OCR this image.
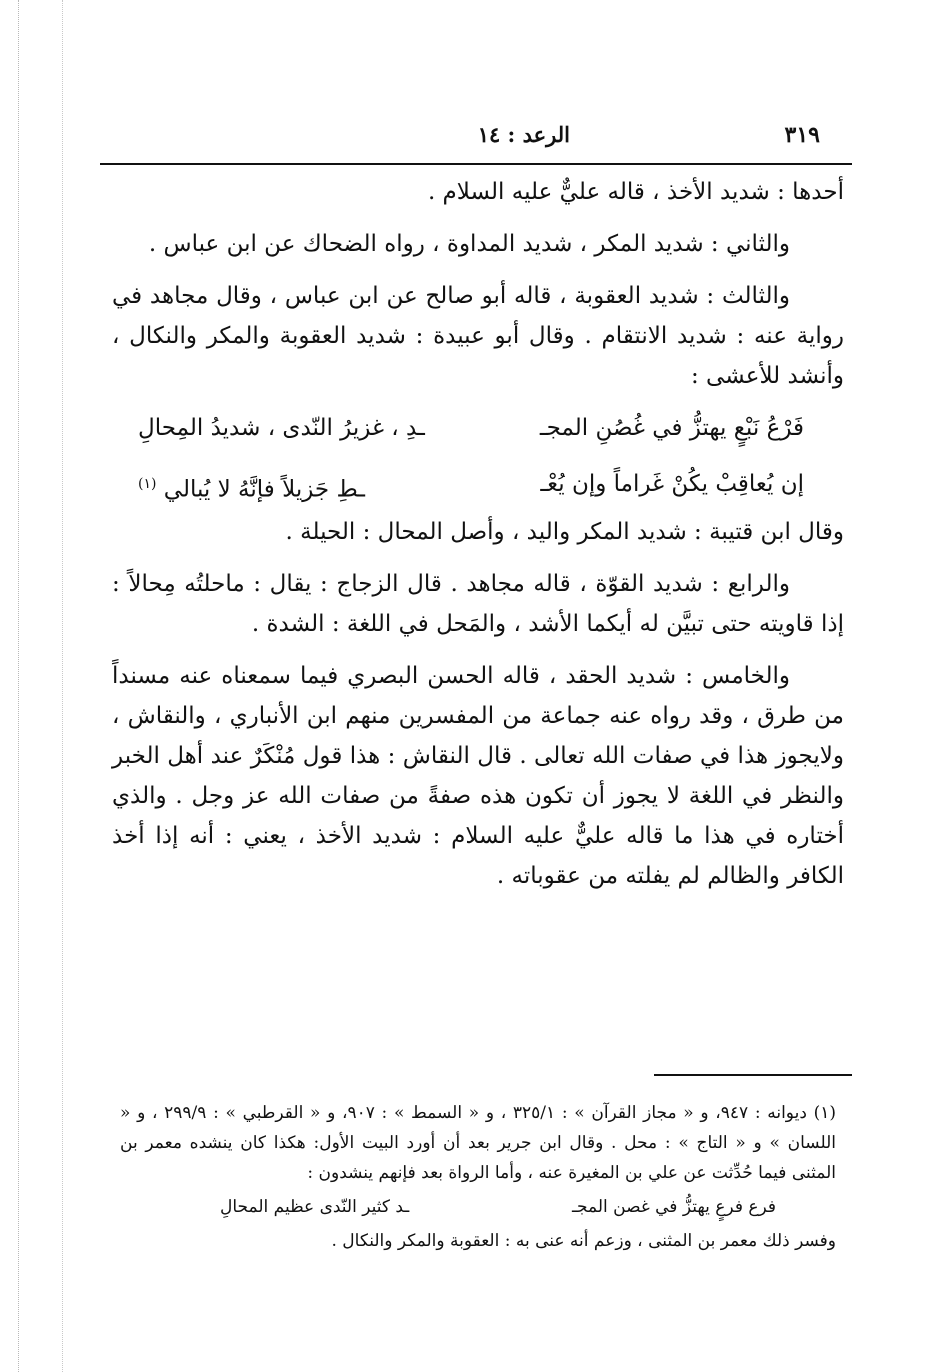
٣١٩
الرعد : ١٤

أحدها : شديد الأخذ ، قاله عليٌّ عليه السلام .

والثاني : شديد المكر ، شديد المداوة ، رواه الضحاك عن ابن عباس .

والثالث : شديد العقوبة ، قاله أبو صالح عن ابن عباس ، وقال مجاهد في رواية عنه : شديد الانتقام . وقال أبو عبيدة : شديد العقوبة والمكر والنكال ، وأنشد للأعشى :

فَرْعُ نَبْعٍ يهتزُّ في غُصُنِ المجـ
ـدِ ، غزيرُ النّدى ، شديدُ المِحالِ
إن يُعاقِبْ يكُنْ غَراماً وإن يُعْـ
ـطِ جَزيلاً فإنَّهُ لا يُبالي $^{(١)}$

وقال ابن قتيبة : شديد المكر واليد ، وأصل المحال : الحيلة .

والرابع : شديد القوّة ، قاله مجاهد . قال الزجاج : يقال : ماحلتُه مِحالاً : إذا قاويته حتى تبيَّن له أيكما الأشد ، والمَحل في اللغة : الشدة .

والخامس : شديد الحقد ، قاله الحسن البصري فيما سمعناه عنه مسنداً من طرق ، وقد رواه عنه جماعة من المفسرين منهم ابن الأنباري ، والنقاش ، ولايجوز هذا في صفات الله تعالى . قال النقاش : هذا قول مُنْكَرٌ عند أهل الخبر والنظر في اللغة لا يجوز أن تكون هذه صفةً من صفات الله عز وجل . والذي أختاره في هذا ما قاله عليٌّ عليه السلام : شديد الأخذ ، يعني : أنه إذا أخذ الكافر والظالم لم يفلته من عقوباته .

(١) ديوانه : ٩٤٧، و « مجاز القرآن » : ٣٢٥/١ ، و « السمط » : ٩٠٧، و « القرطبي » : ٢٩٩/٩ ، و « اللسان » و « التاج » : محل . وقال ابن جرير بعد أن أورد البيت الأول: هكذا كان ينشده معمر بن المثنى فيما حُدِّثت عن علي بن المغيرة عنه ، وأما الرواة بعد فإنهم ينشدون :

فرع فرعٍ يهتزُّ في غصن المجـ
ـد كثير النّدى عظيم المحالِ

وفسر ذلك معمر بن المثنى ، وزعم أنه عنى به : العقوبة والمكر والنكال .
